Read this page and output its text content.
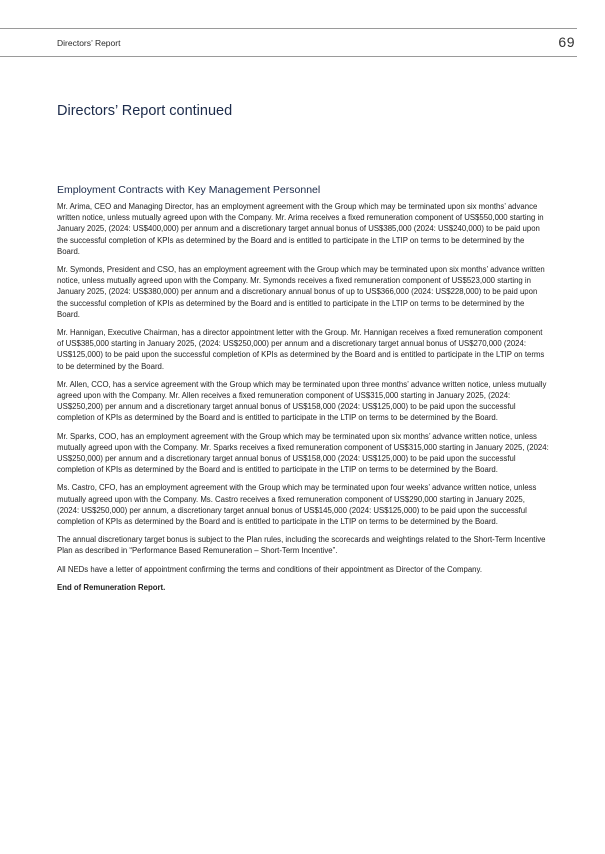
Directors’ Report	69
Directors’ Report continued
Employment Contracts with Key Management Personnel

Mr. Arima, CEO and Managing Director, has an employment agreement with the Group which may be terminated upon six months’ advance written notice, unless mutually agreed upon with the Company. Mr. Arima receives a fixed remuneration component of US$550,000 starting in January 2025, (2024: US$400,000) per annum and a discretionary target annual bonus of US$385,000 (2024: US$240,000) to be paid upon the successful completion of KPIs as determined by the Board and is entitled to participate in the LTIP on terms to be determined by the Board.

Mr. Symonds, President and CSO, has an employment agreement with the Group which may be terminated upon six months’ advance written notice, unless mutually agreed upon with the Company. Mr. Symonds receives a fixed remuneration component of US$523,000 starting in January 2025, (2024: US$380,000) per annum and a discretionary annual bonus of up to US$366,000 (2024: US$228,000) to be paid upon the successful completion of KPIs as determined by the Board and is entitled to participate in the LTIP on terms to be determined by the Board.

Mr. Hannigan, Executive Chairman, has a director appointment letter with the Group. Mr. Hannigan receives a fixed remuneration component of US$385,000 starting in January 2025, (2024: US$250,000) per annum and a discretionary target annual bonus of US$270,000 (2024: US$125,000) to be paid upon the successful completion of KPIs as determined by the Board and is entitled to participate in the LTIP on terms to be determined by the Board.

Mr. Allen, CCO, has a service agreement with the Group which may be terminated upon three months’ advance written notice, unless mutually agreed upon with the Company. Mr. Allen receives a fixed remuneration component of US$315,000 starting in January 2025, (2024: US$250,200) per annum and a discretionary target annual bonus of US$158,000 (2024: US$125,000) to be paid upon the successful completion of KPIs as determined by the Board and is entitled to participate in the LTIP on terms to be determined by the Board.

Mr. Sparks, COO, has an employment agreement with the Group which may be terminated upon six months’ advance written notice, unless mutually agreed upon with the Company. Mr. Sparks receives a fixed remuneration component of US$315,000 starting in January 2025, (2024: US$250,000) per annum and a discretionary target annual bonus of US$158,000 (2024: US$125,000) to be paid upon the successful completion of KPIs as determined by the Board and is entitled to participate in the LTIP on terms to be determined by the Board.

Ms. Castro, CFO, has an employment agreement with the Group which may be terminated upon four weeks’ advance written notice, unless mutually agreed upon with the Company. Ms. Castro receives a fixed remuneration component of US$290,000 starting in January 2025, (2024: US$250,000) per annum, a discretionary target annual bonus of US$145,000 (2024: US$125,000) to be paid upon the successful completion of KPIs as determined by the Board and is entitled to participate in the LTIP on terms to be determined by the Board.

The annual discretionary target bonus is subject to the Plan rules, including the scorecards and weightings related to the Short-Term Incentive Plan as described in “Performance Based Remuneration – Short-Term Incentive”.

All NEDs have a letter of appointment confirming the terms and conditions of their appointment as Director of the Company.

End of Remuneration Report.
